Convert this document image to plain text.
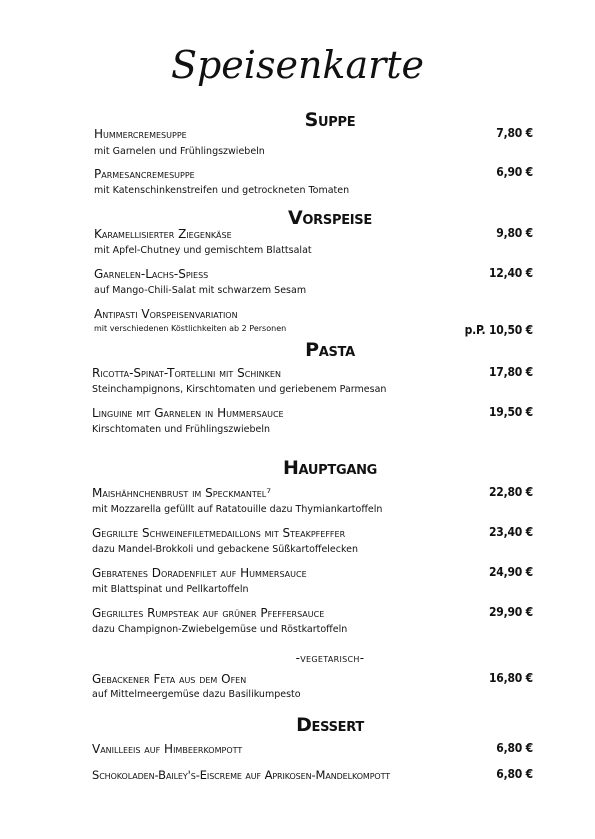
Speisenkarte
Suppe
Hummercremesuppe
mit Garnelen und Frühlingszwiebeln
7,80 €
Parmesancremesuppe
mit Katenschinkenstreifen und getrockneten Tomaten
6,90 €
Vorspeise
Karamellisierter Ziegenkäse
mit Apfel-Chutney und gemischtem Blattsalat
9,80 €
Garnelen-Lachs-Spiess
auf Mango-Chili-Salat mit schwarzem Sesam
12,40 €
Antipasti Vorspeisenvariation
mit verschiedenen Köstlichkeiten ab 2 Personen	p.P. 10,50 €
Pasta
Ricotta-Spinat-Tortellini mit Schinken
Steinchampignons, Kirschtomaten und geriebenem Parmesan
17,80 €
Linguine mit Garnelen in Hummersauce
Kirschtomaten und Frühlingszwiebeln
19,50 €
Hauptgang
Maishähnchenbrust im Speckmantel⁷
mit Mozzarella gefüllt auf Ratatouille dazu Thymiankartoffeln
22,80 €
Gegrillte Schweinefiletmedaillons mit Steakpfeffer
dazu Mandel-Brokkoli und gebackene Süßkartoffelecken
23,40 €
Gebratenes Doradenfilet auf Hummersauce
mit Blattspinat und Pellkartoffeln
24,90 €
Gegrilltes Rumpsteak auf grüner Pfeffersauce
dazu Champignon-Zwiebelgemüse und Röstkartoffeln
29,90 €
-vegetarisch-
Gebackener Feta aus dem Ofen
auf Mittelmeergemüse dazu Basilikumpesto
16,80 €
Dessert
Vanilleeis auf Himbeerkompott	6,80 €
Schokoladen-Bailey's-Eiscreme auf Aprikosen-Mandelkompott	6,80 €
